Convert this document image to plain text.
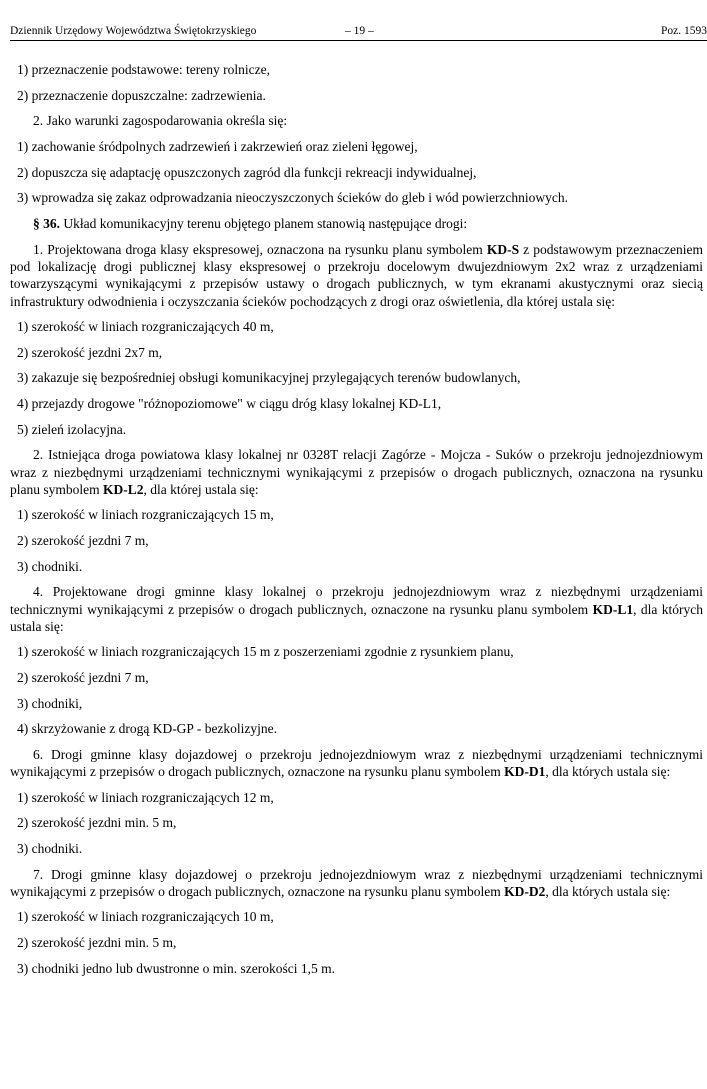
Dziennik Urzędowy Województwa Świętokrzyskiego	– 19 –	Poz. 1593
1) przeznaczenie podstawowe: tereny rolnicze,
2) przeznaczenie dopuszczalne: zadrzewienia.
2. Jako warunki zagospodarowania określa się:
1) zachowanie śródpolnych zadrzewień i zakrzewień oraz zieleni łęgowej,
2) dopuszcza się adaptację opuszczonych zagród dla funkcji rekreacji indywidualnej,
3) wprowadza się zakaz odprowadzania nieoczyszczonych ścieków do gleb i wód powierzchniowych.
§ 36. Układ komunikacyjny terenu objętego planem stanowią następujące drogi:
1. Projektowana droga klasy ekspresowej, oznaczona na rysunku planu symbolem KD-S z podstawowym przeznaczeniem pod lokalizację drogi publicznej klasy ekspresowej o przekroju docelowym dwujezdniowym 2x2 wraz z urządzeniami towarzyszącymi wynikającymi z przepisów ustawy o drogach publicznych, w tym ekranami akustycznymi oraz siecią infrastruktury odwodnienia i oczyszczania ścieków pochodzących z drogi oraz oświetlenia, dla której ustala się:
1) szerokość w liniach rozgraniczających 40 m,
2) szerokość jezdni 2x7 m,
3) zakazuje się bezpośredniej obsługi komunikacyjnej przylegających terenów budowlanych,
4) przejazdy drogowe "różnopoziomowe" w ciągu dróg klasy lokalnej KD-L1,
5) zieleń izolacyjna.
2. Istniejąca droga powiatowa klasy lokalnej nr 0328T relacji Zagórze - Mojcza - Suków o przekroju jednojezdniowym wraz z niezbędnymi urządzeniami technicznymi wynikającymi z przepisów o drogach publicznych, oznaczona na rysunku planu symbolem KD-L2, dla której ustala się:
1) szerokość w liniach rozgraniczających 15 m,
2) szerokość jezdni 7 m,
3) chodniki.
4. Projektowane drogi gminne klasy lokalnej o przekroju jednojezdniowym wraz z niezbędnymi urządzeniami technicznymi wynikającymi z przepisów o drogach publicznych, oznaczone na rysunku planu symbolem KD-L1, dla których ustala się:
1) szerokość w liniach rozgraniczających 15 m z poszerzeniami zgodnie z rysunkiem planu,
2) szerokość jezdni 7 m,
3) chodniki,
4) skrzyżowanie z drogą KD-GP - bezkolizyjne.
6. Drogi gminne klasy dojazdowej o przekroju jednojezdniowym wraz z niezbędnymi urządzeniami technicznymi wynikającymi z przepisów o drogach publicznych, oznaczone na rysunku planu symbolem KD-D1, dla których ustala się:
1) szerokość w liniach rozgraniczających 12 m,
2) szerokość jezdni min. 5 m,
3) chodniki.
7. Drogi gminne klasy dojazdowej o przekroju jednojezdniowym wraz z niezbędnymi urządzeniami technicznymi wynikającymi z przepisów o drogach publicznych, oznaczone na rysunku planu symbolem KD-D2, dla których ustala się:
1) szerokość w liniach rozgraniczających 10 m,
2) szerokość jezdni min. 5 m,
3) chodniki jedno lub dwustronne o min. szerokości 1,5 m.
